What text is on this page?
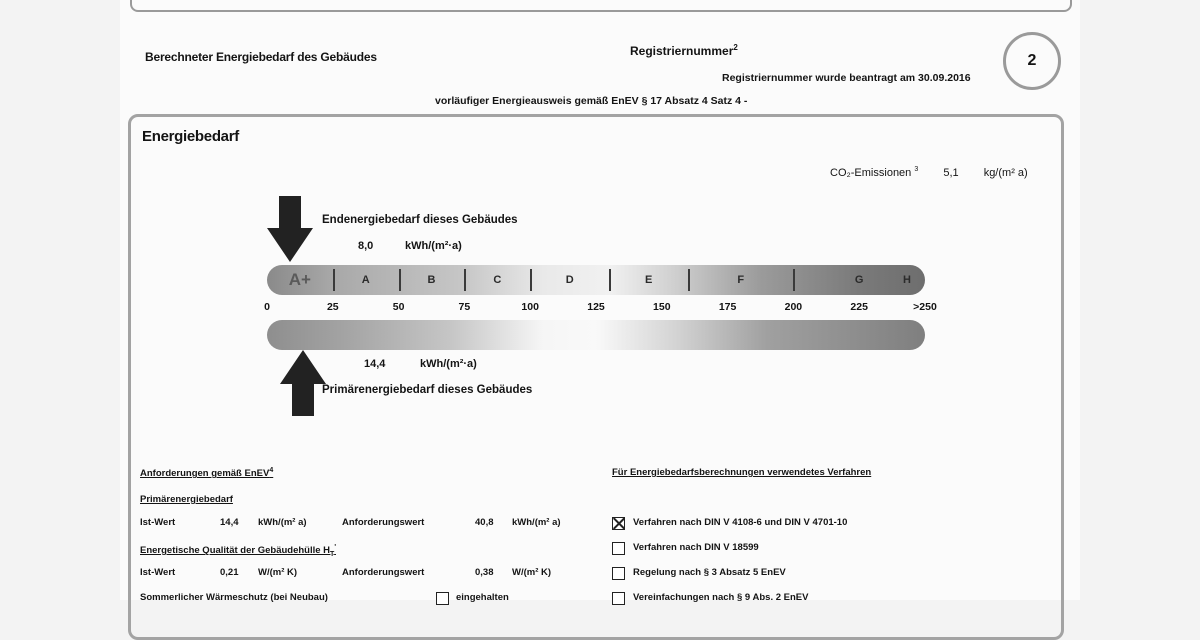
Berechneter Energiebedarf des Gebäudes	Registriernummer$^2$
Registriernummer wurde beantragt am 30.09.2016
2
vorläufiger Energieausweis gemäß EnEV § 17 Absatz 4 Satz 4 -
Energiebedarf
CO₂-Emissionen $^3$ 5,1 kg/(m² a)
Endenergiebedarf dieses Gebäudes
8,0	kWh/(m²·a)
A+	A	B	C	D	E	F	G	H
0	25	50	75	100	125	150	175	200	225	>250
14,4	kWh/(m²·a)
Primärenergiebedarf dieses Gebäudes
Anforderungen gemäß EnEV$^4$
Primärenergiebedarf
Ist-Wert	14,4 kWh/(m² a)	Anforderungswert	40,8 kWh/(m² a)
Energetische Qualität der Gebäudehülle $H_T'$
Ist-Wert	0,21 W/(m² K)	Anforderungswert	0,38 W/(m² K)
Sommerlicher Wärmeschutz (bei Neubau)	eingehalten
Für Energiebedarfsberechnungen verwendetes Verfahren
Verfahren nach DIN V 4108-6 und DIN V 4701-10
Verfahren nach DIN V 18599
Regelung nach § 3 Absatz 5 EnEV
Vereinfachungen nach § 9 Abs. 2 EnEV
